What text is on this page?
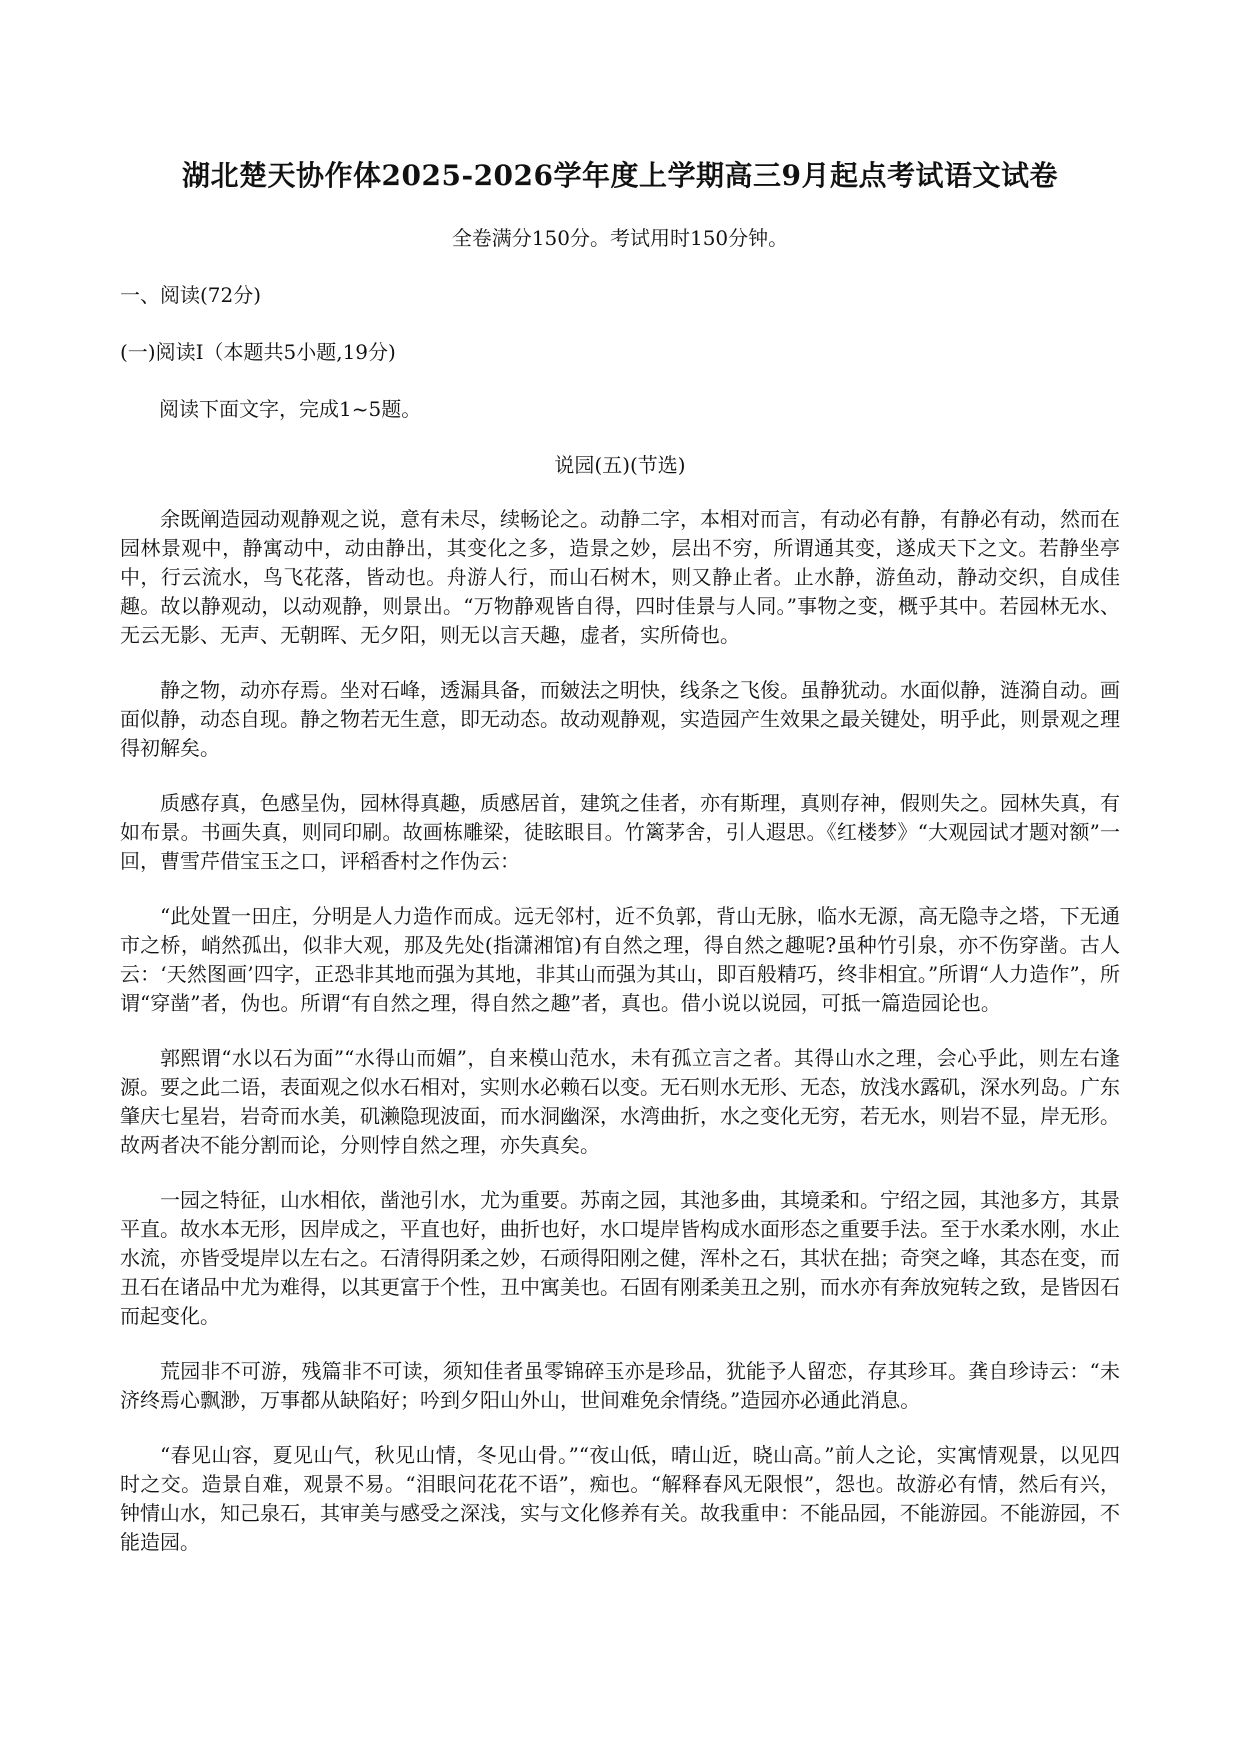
湖北楚天协作体2025-2026学年度上学期高三9月起点考试语文试卷

全卷满分150分。考试用时150分钟。

一、阅读(72分)

(一)阅读Ⅰ（本题共5小题,19分)

阅读下面文字，完成1~5题。

说园(五)(节选)

余既阐造园动观静观之说，意有未尽，续畅论之。动静二字，本相对而言，有动必有静，有静必有动，然而在园林景观中，静寓动中，动由静出，其变化之多，造景之妙，层出不穷，所谓通其变，遂成天下之文。若静坐亭中，行云流水，鸟飞花落，皆动也。舟游人行，而山石树木，则又静止者。止水静，游鱼动，静动交织，自成佳趣。故以静观动，以动观静，则景出。“万物静观皆自得，四时佳景与人同。”事物之变，概乎其中。若园林无水、无云无影、无声、无朝晖、无夕阳，则无以言天趣，虚者，实所倚也。

静之物，动亦存焉。坐对石峰，透漏具备，而皴法之明快，线条之飞俊。虽静犹动。水面似静，涟漪自动。画面似静，动态自现。静之物若无生意，即无动态。故动观静观，实造园产生效果之最关键处，明乎此，则景观之理得初解矣。

质感存真，色感呈伪，园林得真趣，质感居首，建筑之佳者，亦有斯理，真则存神，假则失之。园林失真，有如布景。书画失真，则同印刷。故画栋雕梁，徒眩眼目。竹篱茅舍，引人遐思。《红楼梦》“大观园试才题对额”一回，曹雪芹借宝玉之口，评稻香村之作伪云：

“此处置一田庄，分明是人力造作而成。远无邻村，近不负郭，背山无脉，临水无源，高无隐寺之塔，下无通市之桥，峭然孤出，似非大观，那及先处(指潇湘馆)有自然之理，得自然之趣呢?虽种竹引泉，亦不伤穿凿。古人云：‘天然图画’四字，正恐非其地而强为其地，非其山而强为其山，即百般精巧，终非相宜。”所谓“人力造作”，所谓“穿凿”者，伪也。所谓“有自然之理，得自然之趣”者，真也。借小说以说园，可抵一篇造园论也。

郭熙谓“水以石为面”“水得山而媚”，自来模山范水，未有孤立言之者。其得山水之理，会心乎此，则左右逢源。要之此二语，表面观之似水石相对，实则水必赖石以变。无石则水无形、无态，放浅水露矶，深水列岛。广东肇庆七星岩，岩奇而水美，矶濑隐现波面，而水洞幽深，水湾曲折，水之变化无穷，若无水，则岩不显，岸无形。故两者决不能分割而论，分则悖自然之理，亦失真矣。

一园之特征，山水相依，凿池引水，尤为重要。苏南之园，其池多曲，其境柔和。宁绍之园，其池多方，其景平直。故水本无形，因岸成之，平直也好，曲折也好，水口堤岸皆构成水面形态之重要手法。至于水柔水刚，水止水流，亦皆受堤岸以左右之。石清得阴柔之妙，石顽得阳刚之健，浑朴之石，其状在拙；奇突之峰，其态在变，而丑石在诸品中尤为难得，以其更富于个性，丑中寓美也。石固有刚柔美丑之别，而水亦有奔放宛转之致，是皆因石而起变化。

荒园非不可游，残篇非不可读，须知佳者虽零锦碎玉亦是珍品，犹能予人留恋，存其珍耳。龚自珍诗云：“未济终焉心飘渺，万事都从缺陷好；吟到夕阳山外山，世间难免余情绕。”造园亦必通此消息。

“春见山容，夏见山气，秋见山情，冬见山骨。”“夜山低，晴山近，晓山高。”前人之论，实寓情观景，以见四时之交。造景自难，观景不易。“泪眼问花花不语”，痴也。“解释春风无限恨”，怨也。故游必有情，然后有兴，钟情山水，知己泉石，其审美与感受之深浅，实与文化修养有关。故我重申：不能品园，不能游园。不能游园，不能造园。
